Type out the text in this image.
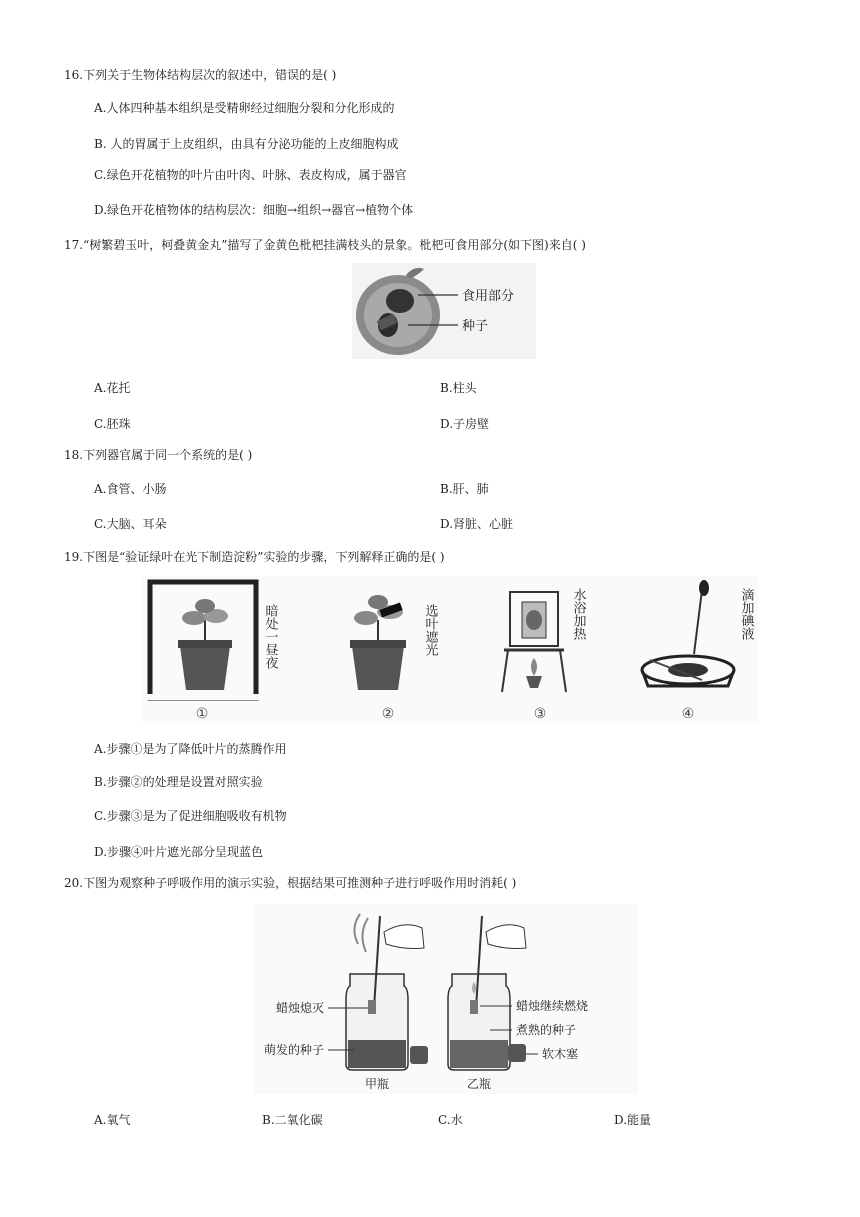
16.下列关于生物体结构层次的叙述中，错误的是( )
A.人体四种基本组织是受精卵经过细胞分裂和分化形成的
B. 人的胃属于上皮组织，由具有分泌功能的上皮细胞构成
C.绿色开花植物的叶片由叶肉、叶脉、表皮构成，属于器官
D.绿色开花植物体的结构层次：细胞→组织→器官→植物个体
17.“树繁碧玉叶，柯叠黄金丸”描写了金黄色枇杷挂满枝头的景象。枇杷可食用部分(如下图)来自( )
食用部分
种子
A.花托	B.柱头
C.胚珠	D.子房壁
18.下列器官属于同一个系统的是( )
A.食管、小肠	B.肝、肺
C.大脑、耳朵	D.肾脏、心脏
19.下图是“验证绿叶在光下制造淀粉”实验的步骤，下列解释正确的是( )
暗处一昼夜
①
选叶遮光
②
水浴加热
③
滴加碘液
④
A.步骤①是为了降低叶片的蒸腾作用
B.步骤②的处理是设置对照实验
C.步骤③是为了促进细胞吸收有机物
D.步骤④叶片遮光部分呈现蓝色
20.下图为观察种子呼吸作用的演示实验，根据结果可推测种子进行呼吸作用时消耗( )
蜡烛熄灭
萌发的种子
蜡烛继续燃烧
煮熟的种子
软木塞
甲瓶	乙瓶
A.氧气	B.二氧化碳	C.水	D.能量
